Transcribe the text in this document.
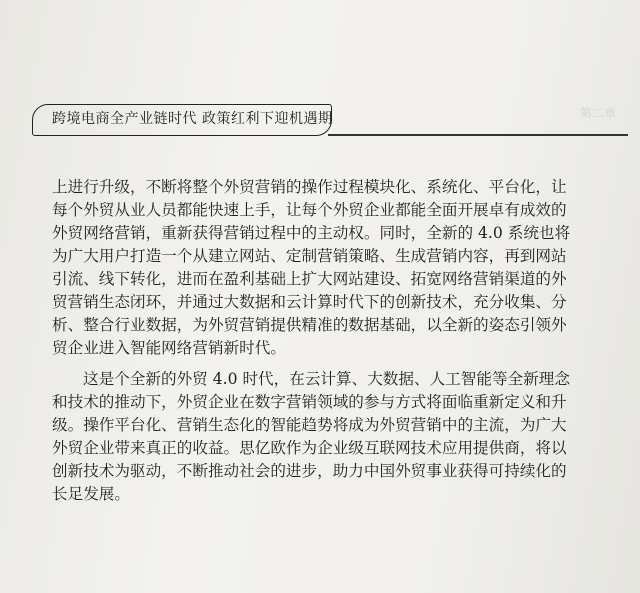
第二章
跨境电商全产业链时代 政策红利下迎机遇期
上进行升级，不断将整个外贸营销的操作过程模块化、系统化、平台化，让
每个外贸从业人员都能快速上手，让每个外贸企业都能全面开展卓有成效的
外贸网络营销，重新获得营销过程中的主动权。同时，全新的 4.0 系统也将
为广大用户打造一个从建立网站、定制营销策略、生成营销内容，再到网站
引流、线下转化，进而在盈利基础上扩大网站建设、拓宽网络营销渠道的外
贸营销生态闭环，并通过大数据和云计算时代下的创新技术，充分收集、分
析、整合行业数据，为外贸营销提供精准的数据基础，以全新的姿态引领外
贸企业进入智能网络营销新时代。
这是个全新的外贸 4.0 时代，在云计算、大数据、人工智能等全新理念
和技术的推动下，外贸企业在数字营销领域的参与方式将面临重新定义和升
级。操作平台化、营销生态化的智能趋势将成为外贸营销中的主流，为广大
外贸企业带来真正的收益。思亿欧作为企业级互联网技术应用提供商，将以
创新技术为驱动，不断推动社会的进步，助力中国外贸事业获得可持续化的
长足发展。
